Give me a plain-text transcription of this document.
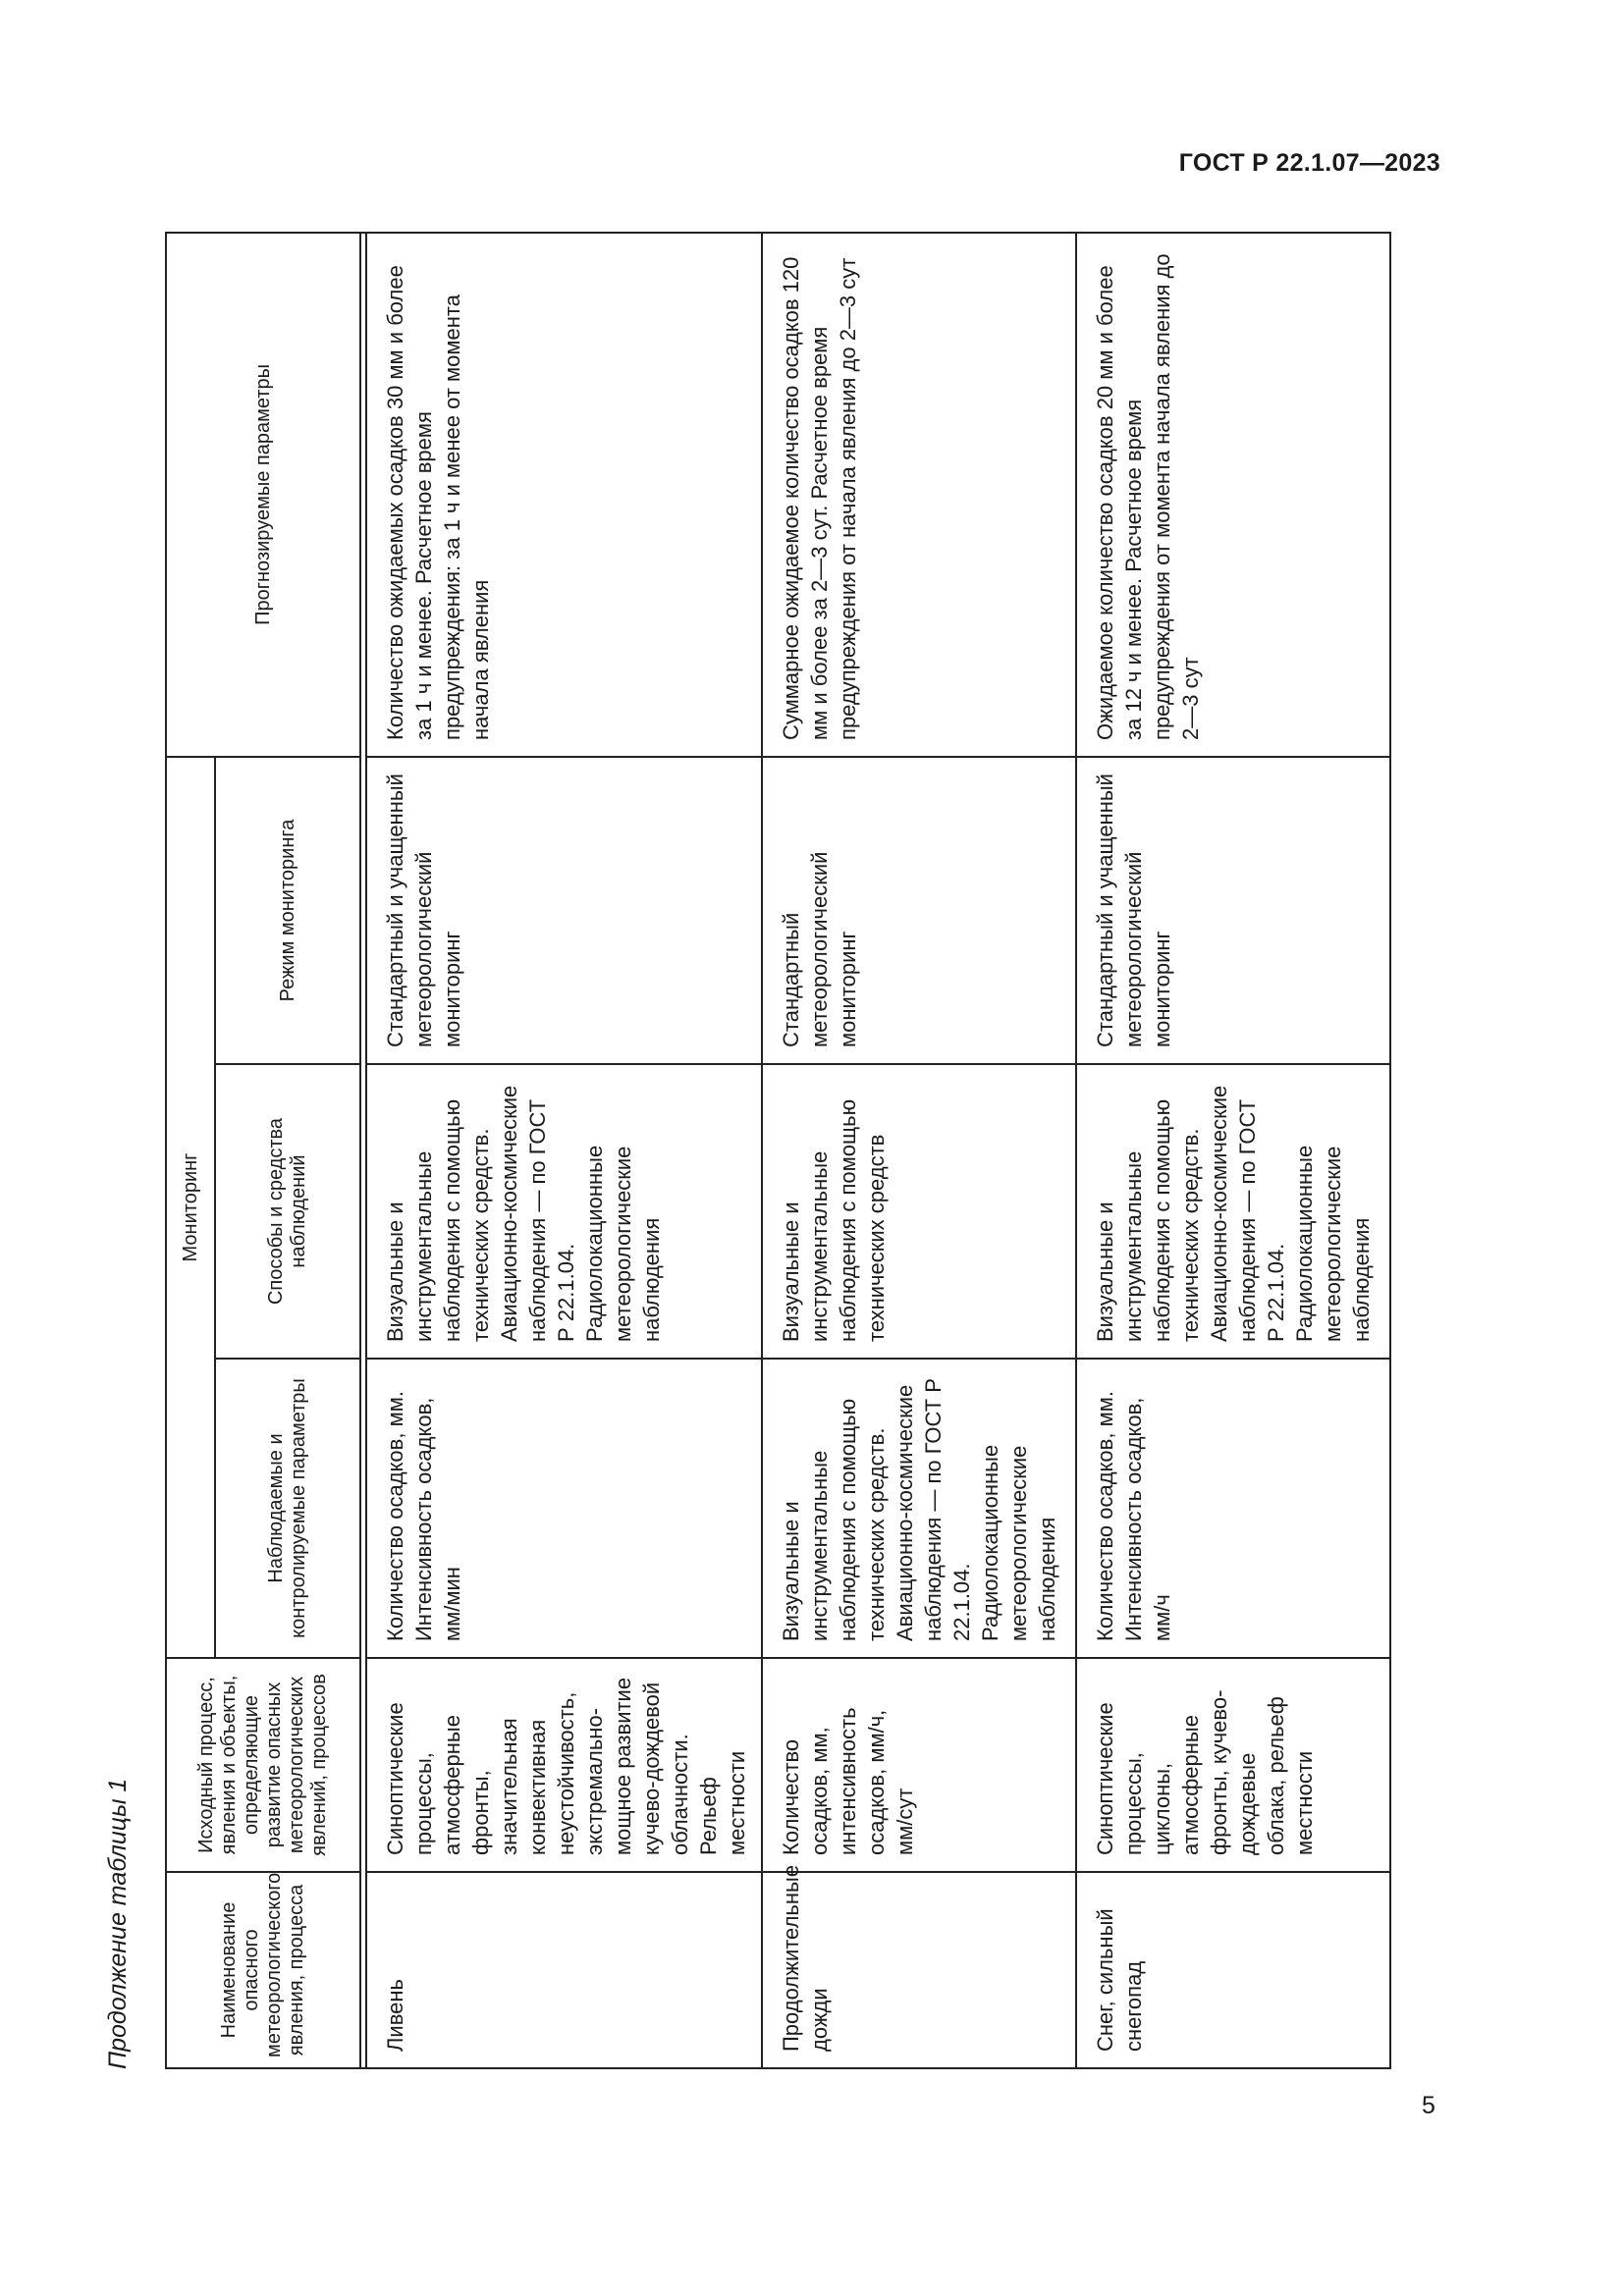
ГОСТ Р 22.1.07—2023
Продолжение таблицы 1	Наименование опасного метеорологического явления, процесса	Исходный процесс, явления и объекты, определяющие развитие опасных метеорологических явлений, процессов	Мониторинг			Прогнозируемые параметры
		Наблюдаемые и контролируемые параметры	Способы и средства наблюдений	Режим мониторинга	

Ливень	Синоптические процессы, атмосферные фронты, значительная конвективная неустойчивость, экстремально-мощное развитие кучево-дождевой облачности. Рельеф местности	Количество осадков, мм. Интенсивность осадков, мм/мин	Визуальные и инструментальные наблюдения с помощью технических средств. Авиационно-космические наблюдения — по ГОСТ Р 22.1.04. Радиолокационные метеорологические наблюдения	Стандартный и учащенный метеорологический мониторинг	Количество ожидаемых осадков 30 мм и более за 1 ч и менее. Расчетное время предупреждения: за 1 ч и менее от момента начала явления
Продолжительные дожди	Количество осадков, мм, интенсивность осадков, мм/ч, мм/сут	Визуальные и инструментальные наблюдения с помощью технических средств. Авиационно-космические наблюдения — по ГОСТ Р 22.1.04. Радиолокационные метеорологические наблюдения	Визуальные и инструментальные наблюдения с помощью технических средств	Стандартный метеорологический мониторинг	Суммарное ожидаемое количество осадков 120 мм и более за 2—3 сут. Расчетное время предупреждения от начала явления до 2—3 сут
Снег, сильный снегопад	Синоптические процессы, циклоны, атмосферные фронты, кучево-дождевые облака, рельеф местности	Количество осадков, мм. Интенсивность осадков, мм/ч	Визуальные и инструментальные наблюдения с помощью технических средств. Авиационно-космические наблюдения — по ГОСТ Р 22.1.04. Радиолокационные метеорологические наблюдения	Стандартный и учащенный метеорологический мониторинг	Ожидаемое количество осадков 20 мм и более за 12 ч и менее. Расчетное время предупреждения от момента начала явления до 2—3 сут
5
